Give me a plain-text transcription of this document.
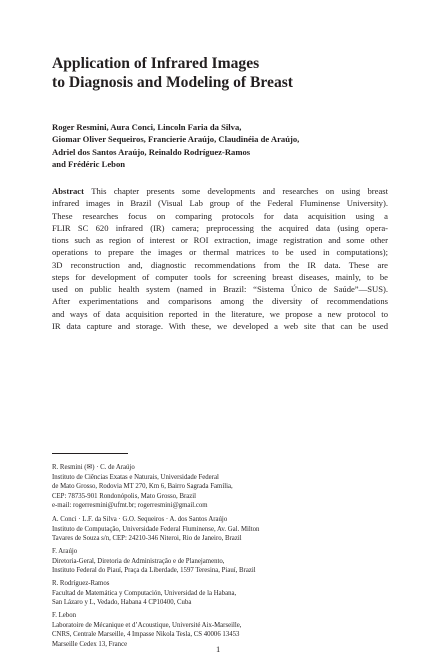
Application of Infrared Images
to Diagnosis and Modeling of Breast
Roger Resmini, Aura Conci, Lincoln Faria da Silva,
Giomar Oliver Sequeiros, Francierie Araújo, Claudinéia de Araújo,
Adriel dos Santos Araújo, Reinaldo Rodríguez-Ramos
and Frédéric Lebon
Abstract This chapter presents some developments and researches on using breast
infrared images in Brazil (Visual Lab group of the Federal Fluminense University).
These researches focus on comparing protocols for data acquisition using a
FLIR SC 620 infrared (IR) camera; preprocessing the acquired data (using opera-
tions such as region of interest or ROI extraction, image registration and some other
operations to prepare the images or thermal matrices to be used in computations);
3D reconstruction and, diagnostic recommendations from the IR data. These are
steps for development of computer tools for screening breast diseases, mainly, to be
used on public health system (named in Brazil: “Sistema Único de Saúde”—SUS).
After experimentations and comparisons among the diversity of recommendations
and ways of data acquisition reported in the literature, we propose a new protocol to
IR data capture and storage. With these, we developed a web site that can be used
R. Resmini (✉) · C. de Araújo
Instituto de Ciências Exatas e Naturais, Universidade Federal
de Mato Grosso, Rodovia MT 270, Km 6, Bairro Sagrada Família,
CEP: 78735-901 Rondonópolis, Mato Grosso, Brazil
e-mail: rogerresmini@ufmt.br; rogerresmini@gmail.com
A. Conci · L.F. da Silva · G.O. Sequeiros · A. dos Santos Araújo
Instituto de Computação, Universidade Federal Fluminense, Av. Gal. Milton
Tavares de Souza s/n, CEP: 24210-346 Niteroi, Rio de Janeiro, Brazil
F. Araújo
Diretoria-Geral, Diretoria de Administração e de Planejamento,
Instituto Federal do Piauí, Praça da Liberdade, 1597 Teresina, Piauí, Brazil
R. Rodríguez-Ramos
Facultad de Matemática y Computación, Universidad de la Habana,
San Lázaro y L, Vedado, Habana 4 CP10400, Cuba
F. Lebon
Laboratoire de Mécanique et d’Acoustique, Université Aix-Marseille,
CNRS, Centrale Marseille, 4 Impasse Nikola Tesla, CS 40006 13453
Marseille Cedex 13, France	1
